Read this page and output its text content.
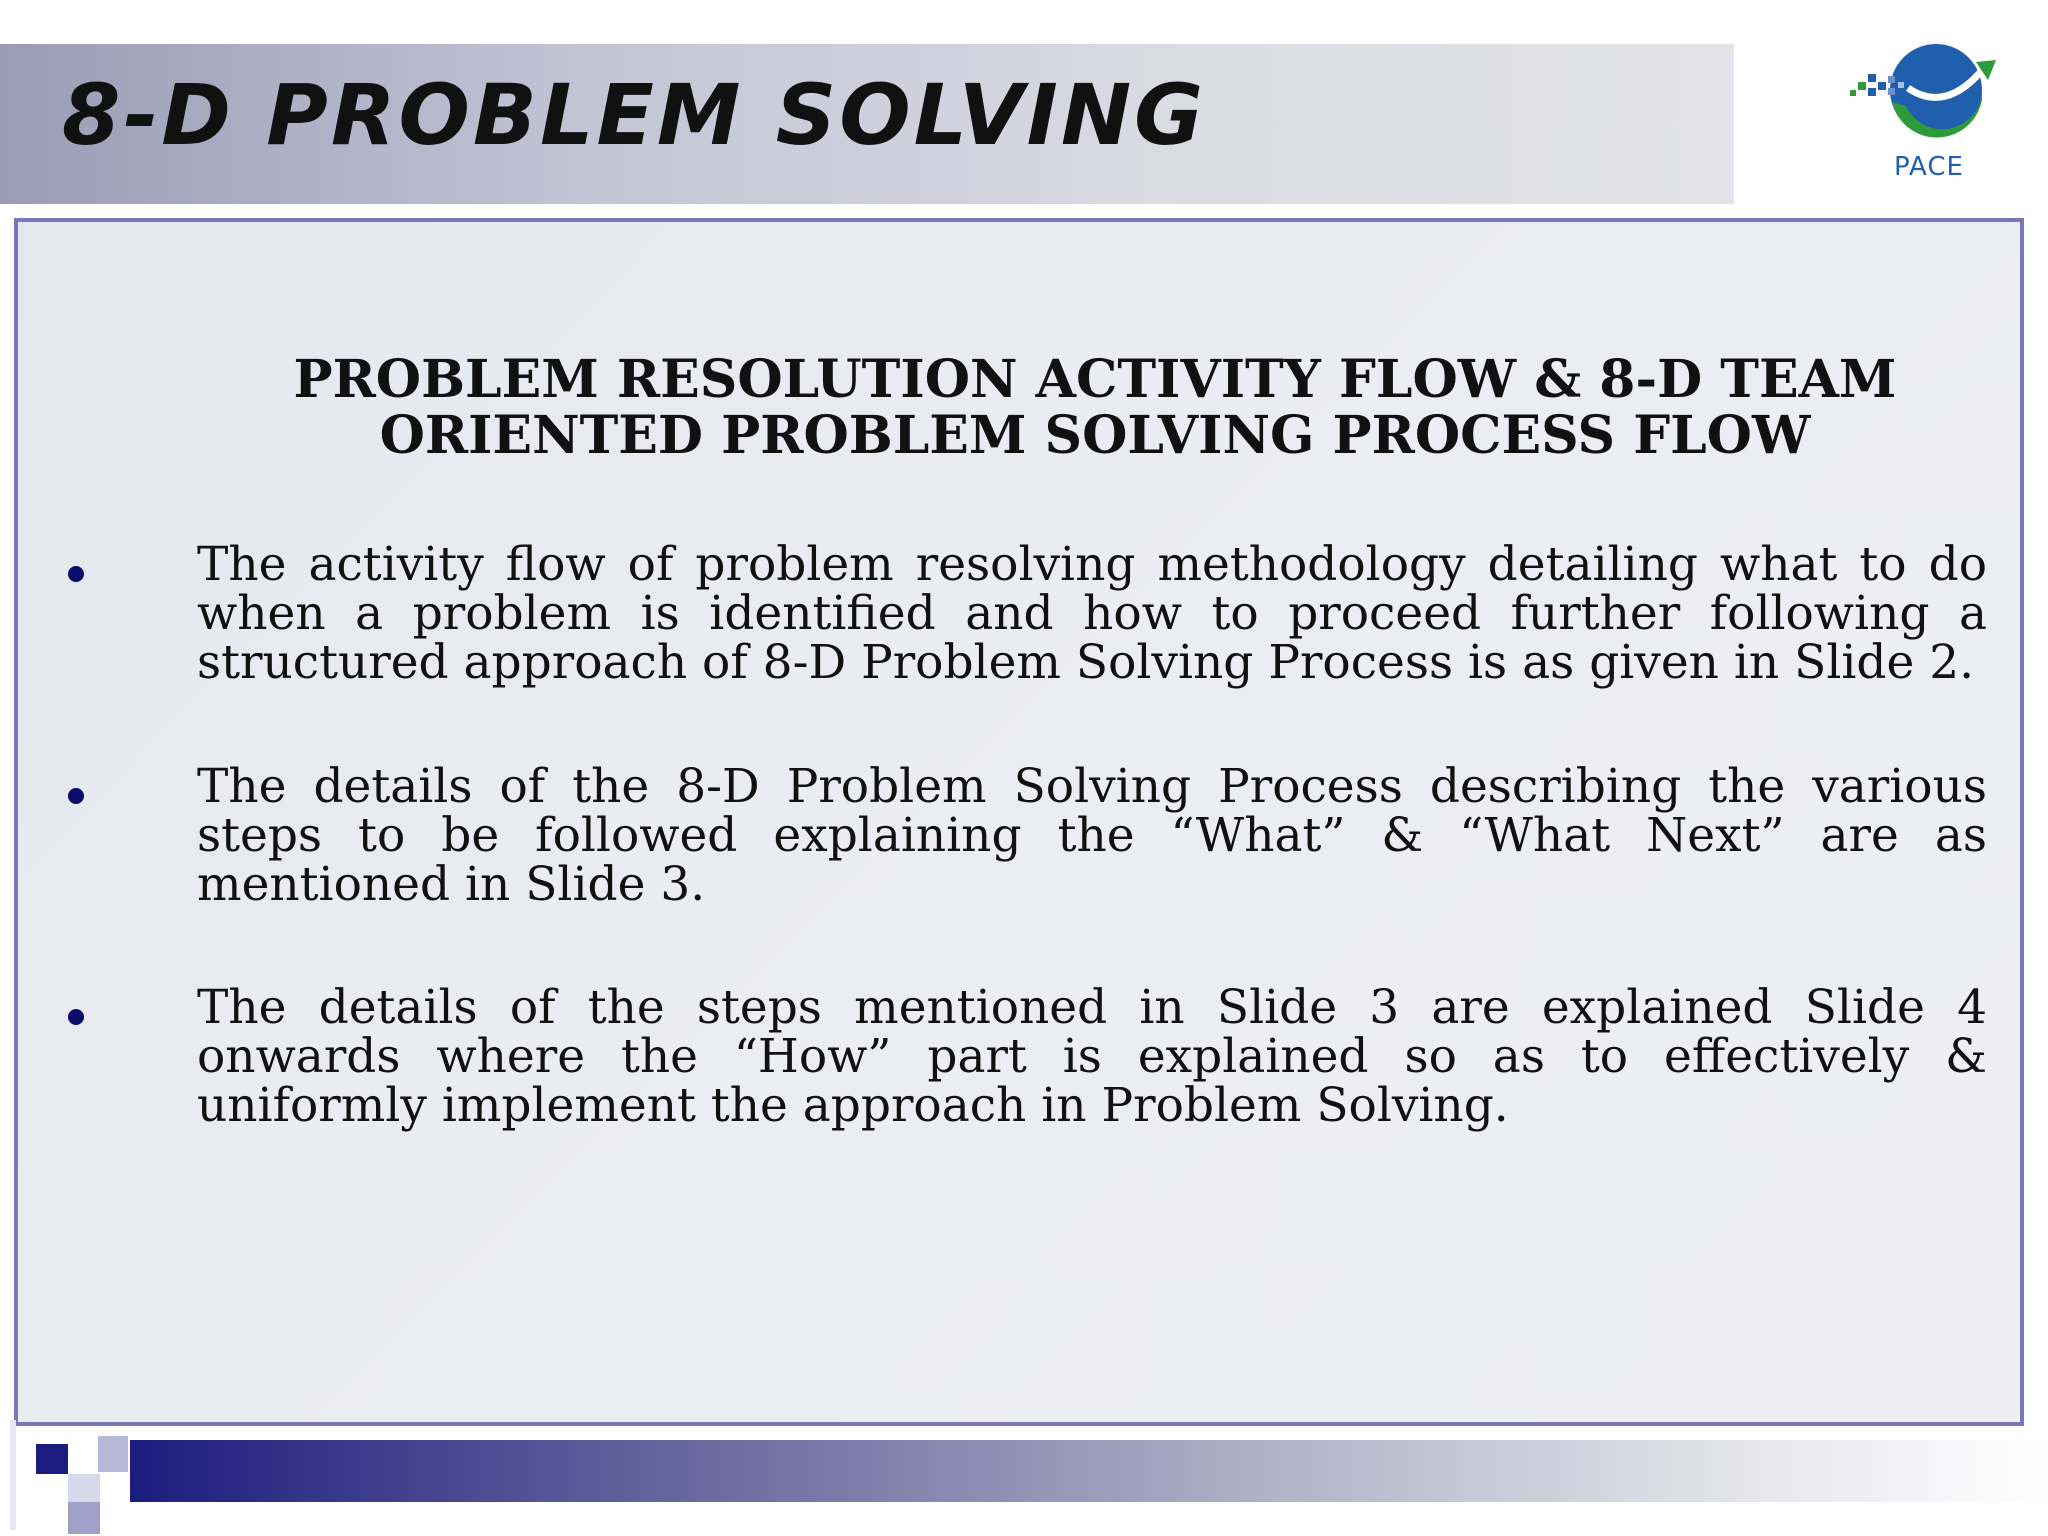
8-D PROBLEM SOLVING
PACE
PROBLEM RESOLUTION ACTIVITY FLOW & 8-D TEAM
ORIENTED PROBLEM SOLVING PROCESS FLOW
The activity flow of problem resolving methodology detailing what to do when a problem is identified and how to proceed further following a structured approach of 8-D Problem Solving Process is as given in Slide 2.
The details of the 8-D Problem Solving Process describing the various steps to be followed explaining the “What” & “What Next” are as mentioned in Slide 3.
The details of the steps mentioned in Slide 3 are explained Slide 4 onwards where the “How” part is explained so as to effectively & uniformly implement the approach in Problem Solving.
